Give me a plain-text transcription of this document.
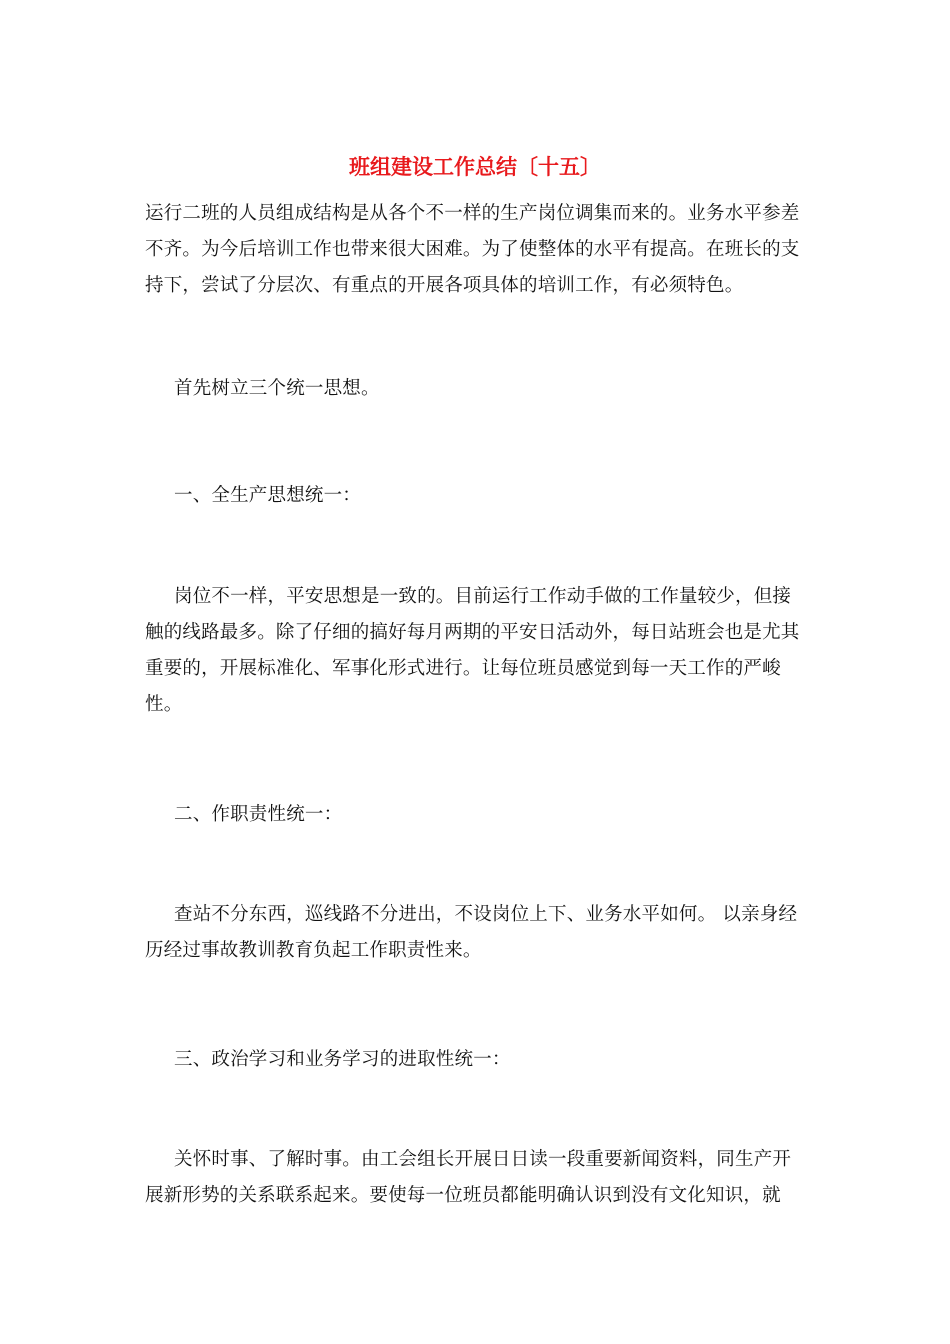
班组建设工作总结〔十五〕

运行二班的人员组成结构是从各个不一样的生产岗位调集而来的。业务水平参差不齐。为今后培训工作也带来很大困难。为了使整体的水平有提高。在班长的支持下，尝试了分层次、有重点的开展各项具体的培训工作，有必须特色。

首先树立三个统一思想。

一、全生产思想统一：

岗位不一样，平安思想是一致的。目前运行工作动手做的工作量较少，但接触的线路最多。除了仔细的搞好每月两期的平安日活动外，每日站班会也是尤其重要的，开展标准化、军事化形式进行。让每位班员感觉到每一天工作的严峻性。

二、作职责性统一：

查站不分东西，巡线路不分进出，不设岗位上下、业务水平如何。 以亲身经历经过事故教训教育负起工作职责性来。

三、政治学习和业务学习的进取性统一：

关怀时事、了解时事。由工会组长开展日日读一段重要新闻资料，同生产开展新形势的关系联系起来。要使每一位班员都能明确认识到没有文化知识，就
